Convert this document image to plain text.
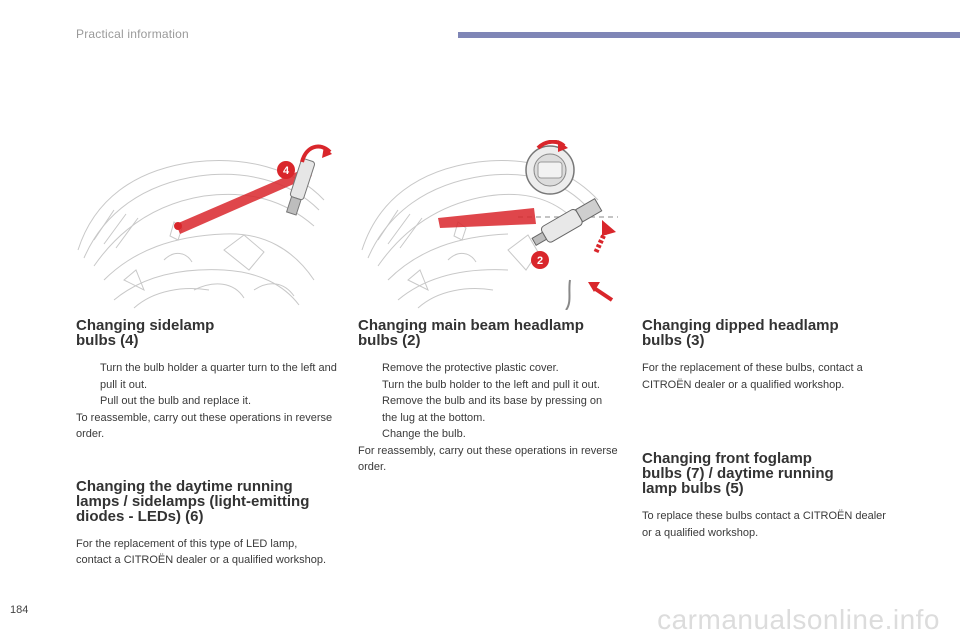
Practical information
4
2
Changing sidelamp
bulbs (4)
Turn the bulb holder a quarter turn to the left and pull it out.
Pull out the bulb and replace it.

To reassemble, carry out these operations in reverse order.

Changing the daytime running
lamps / sidelamps (light-emitting
diodes - LEDs) (6)

For the replacement of this type of LED lamp, contact a CITROËN dealer or a qualified workshop.

Changing main beam headlamp
bulbs (2)
Remove the protective plastic cover.
Turn the bulb holder to the left and pull it out.
Remove the bulb and its base by pressing on the lug at the bottom.
Change the bulb.

For reassembly, carry out these operations in reverse order.

Changing dipped headlamp
bulbs (3)

For the replacement of these bulbs, contact a CITROËN dealer or a qualified workshop.

Changing front foglamp
bulbs (7) / daytime running
lamp bulbs (5)

To replace these bulbs contact a CITROËN dealer or a qualified workshop.

184	carmanualsonline.info
